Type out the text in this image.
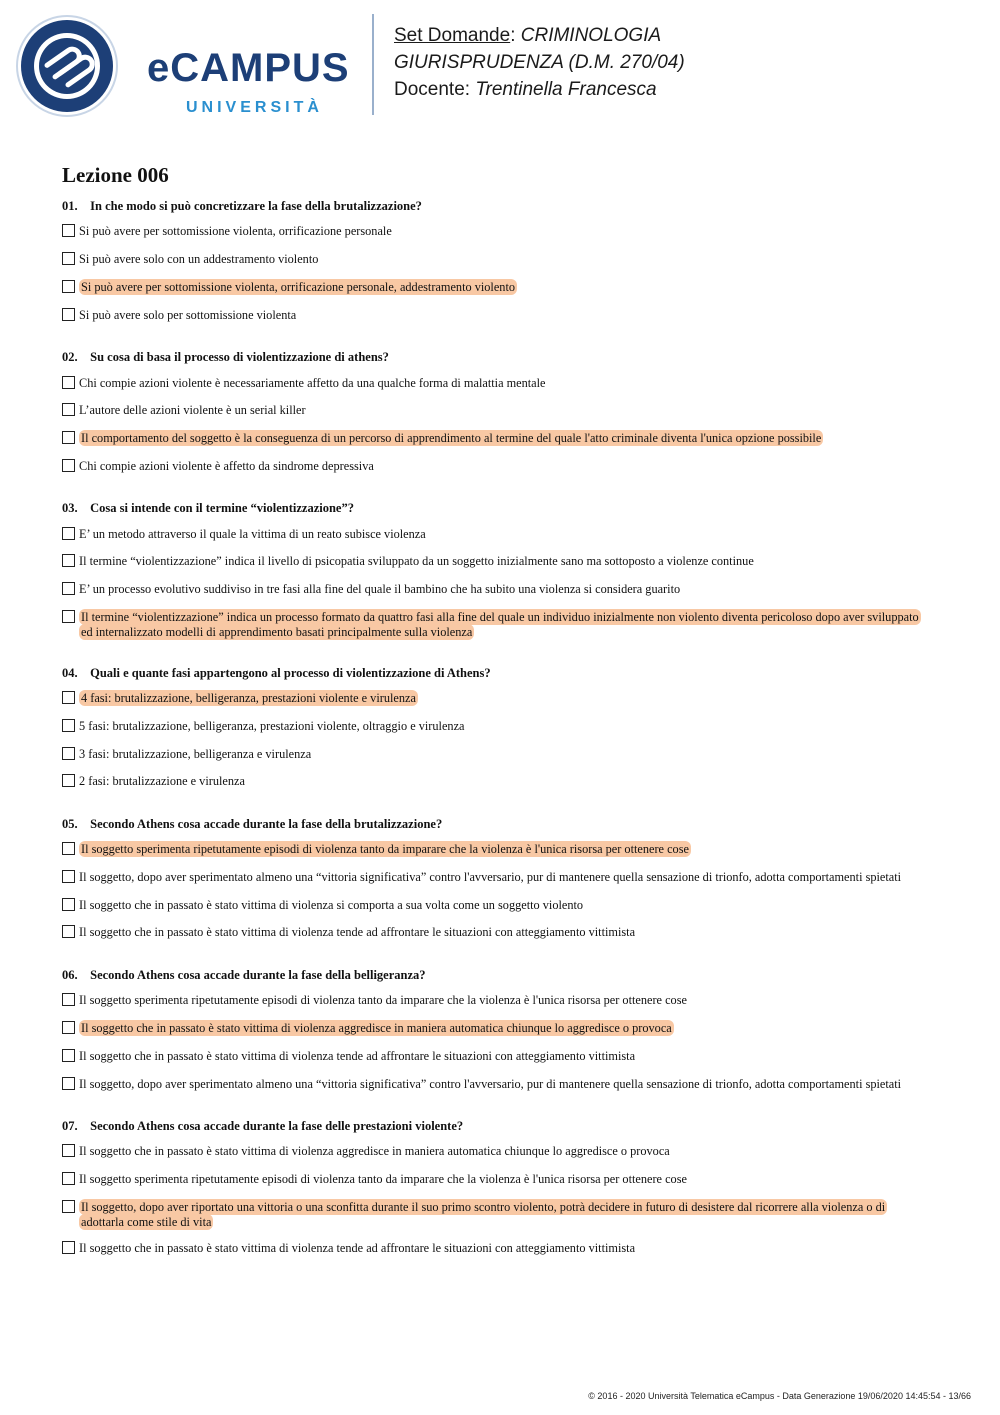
eCAMPUS
UNIVERSITÀ
Set Domande: CRIMINOLOGIA
GIURISPRUDENZA (D.M. 270/04)
Docente: Trentinella Francesca
Lezione 006
01. In che modo si può concretizzare la fase della brutalizzazione?
Si può avere per sottomissione violenta, orrificazione personale
Si può avere solo con un addestramento violento
Si può avere per sottomissione violenta, orrificazione personale, addestramento violento
Si può avere solo per sottomissione violenta
02. Su cosa di basa il processo di violentizzazione di athens?
Chi compie azioni violente è necessariamente affetto da una qualche forma di malattia mentale
L’autore delle azioni violente è un serial killer
Il comportamento del soggetto è la conseguenza di un percorso di apprendimento al termine del quale l'atto criminale diventa l'unica opzione possibile
Chi compie azioni violente è affetto da sindrome depressiva
03. Cosa si intende con il termine “violentizzazione”?
E’ un metodo attraverso il quale la vittima di un reato subisce violenza
Il termine “violentizzazione” indica il livello di psicopatia sviluppato da un soggetto inizialmente sano ma sottoposto a violenze continue
E’ un processo evolutivo suddiviso in tre fasi alla fine del quale il bambino che ha subito una violenza si considera guarito
Il termine “violentizzazione” indica un processo formato da quattro fasi alla fine del quale un individuo inizialmente non violento diventa pericoloso dopo aver sviluppato ed internalizzato modelli di apprendimento basati principalmente sulla violenza
04. Quali e quante fasi appartengono al processo di violentizzazione di Athens?
4 fasi: brutalizzazione, belligeranza, prestazioni violente e virulenza
5 fasi: brutalizzazione, belligeranza, prestazioni violente, oltraggio e virulenza
3 fasi: brutalizzazione, belligeranza e virulenza
2 fasi: brutalizzazione e virulenza
05. Secondo Athens cosa accade durante la fase della brutalizzazione?
Il soggetto sperimenta ripetutamente episodi di violenza tanto da imparare che la violenza è l'unica risorsa per ottenere cose
Il soggetto, dopo aver sperimentato almeno una “vittoria significativa” contro l'avversario, pur di mantenere quella sensazione di trionfo, adotta comportamenti spietati
Il soggetto che in passato è stato vittima di violenza si comporta a sua volta come un soggetto violento
Il soggetto che in passato è stato vittima di violenza tende ad affrontare le situazioni con atteggiamento vittimista
06. Secondo Athens cosa accade durante la fase della belligeranza?
Il soggetto sperimenta ripetutamente episodi di violenza tanto da imparare che la violenza è l'unica risorsa per ottenere cose
Il soggetto che in passato è stato vittima di violenza aggredisce in maniera automatica chiunque lo aggredisce o provoca
Il soggetto che in passato è stato vittima di violenza tende ad affrontare le situazioni con atteggiamento vittimista
Il soggetto, dopo aver sperimentato almeno una “vittoria significativa” contro l'avversario, pur di mantenere quella sensazione di trionfo, adotta comportamenti spietati
07. Secondo Athens cosa accade durante la fase delle prestazioni violente?
Il soggetto che in passato è stato vittima di violenza aggredisce in maniera automatica chiunque lo aggredisce o provoca
Il soggetto sperimenta ripetutamente episodi di violenza tanto da imparare che la violenza è l'unica risorsa per ottenere cose
Il soggetto, dopo aver riportato una vittoria o una sconfitta durante il suo primo scontro violento, potrà decidere in futuro di desistere dal ricorrere alla violenza o di adottarla come stile di vita
Il soggetto che in passato è stato vittima di violenza tende ad affrontare le situazioni con atteggiamento vittimista
© 2016 - 2020 Università Telematica eCampus - Data Generazione 19/06/2020 14:45:54 - 13/66
